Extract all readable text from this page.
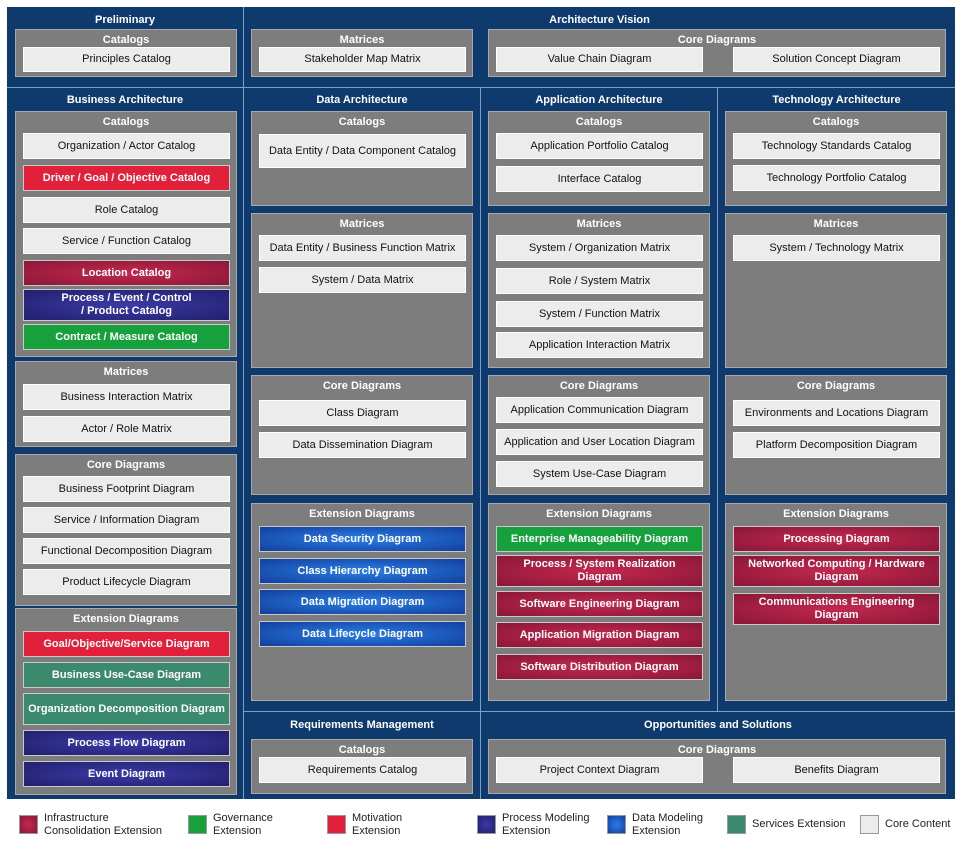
Preliminary
Catalogs
Principles Catalog
Architecture Vision
Matrices
Stakeholder Map Matrix
Core Diagrams
Value Chain Diagram	Solution Concept Diagram
Business Architecture
Catalogs
Organization / Actor Catalog
Driver / Goal / Objective Catalog
Role Catalog
Service / Function Catalog
Location Catalog
Process / Event / Control
/ Product Catalog
Contract / Measure Catalog
Matrices
Business Interaction Matrix
Actor / Role Matrix
Core Diagrams
Business Footprint Diagram
Service / Information Diagram
Functional Decomposition Diagram
Product Lifecycle Diagram
Extension Diagrams
Goal/Objective/Service Diagram
Business Use-Case Diagram
Organization Decomposition Diagram
Process Flow Diagram
Event Diagram
Data Architecture
Catalogs
Data Entity / Data Component Catalog
Matrices
Data Entity / Business Function Matrix
System / Data Matrix
Core Diagrams
Class Diagram
Data Dissemination Diagram
Extension Diagrams
Data Security Diagram
Class Hierarchy Diagram
Data Migration Diagram
Data Lifecycle Diagram
Application Architecture
Catalogs
Application Portfolio Catalog
Interface Catalog
Matrices
System / Organization Matrix
Role / System Matrix
System / Function Matrix
Application Interaction Matrix
Core Diagrams
Application Communication Diagram
Application and User Location Diagram
System Use-Case Diagram
Extension Diagrams
Enterprise Manageability Diagram
Process / System Realization Diagram
Software Engineering Diagram
Application Migration Diagram
Software Distribution Diagram
Technology Architecture
Catalogs
Technology Standards Catalog
Technology Portfolio Catalog
Matrices
System / Technology Matrix
Core Diagrams
Environments and Locations Diagram
Platform Decomposition Diagram
Extension Diagrams
Processing Diagram
Networked Computing / Hardware Diagram
Communications Engineering Diagram
Requirements Management
Catalogs
Requirements Catalog
Opportunities and Solutions
Core Diagrams
Project Context Diagram	Benefits Diagram
Infrastructure
Consolidation Extension
Governance
Extension
Motivation
Extension
Process Modeling
Extension
Data Modeling
Extension
Services Extension	Core Content
